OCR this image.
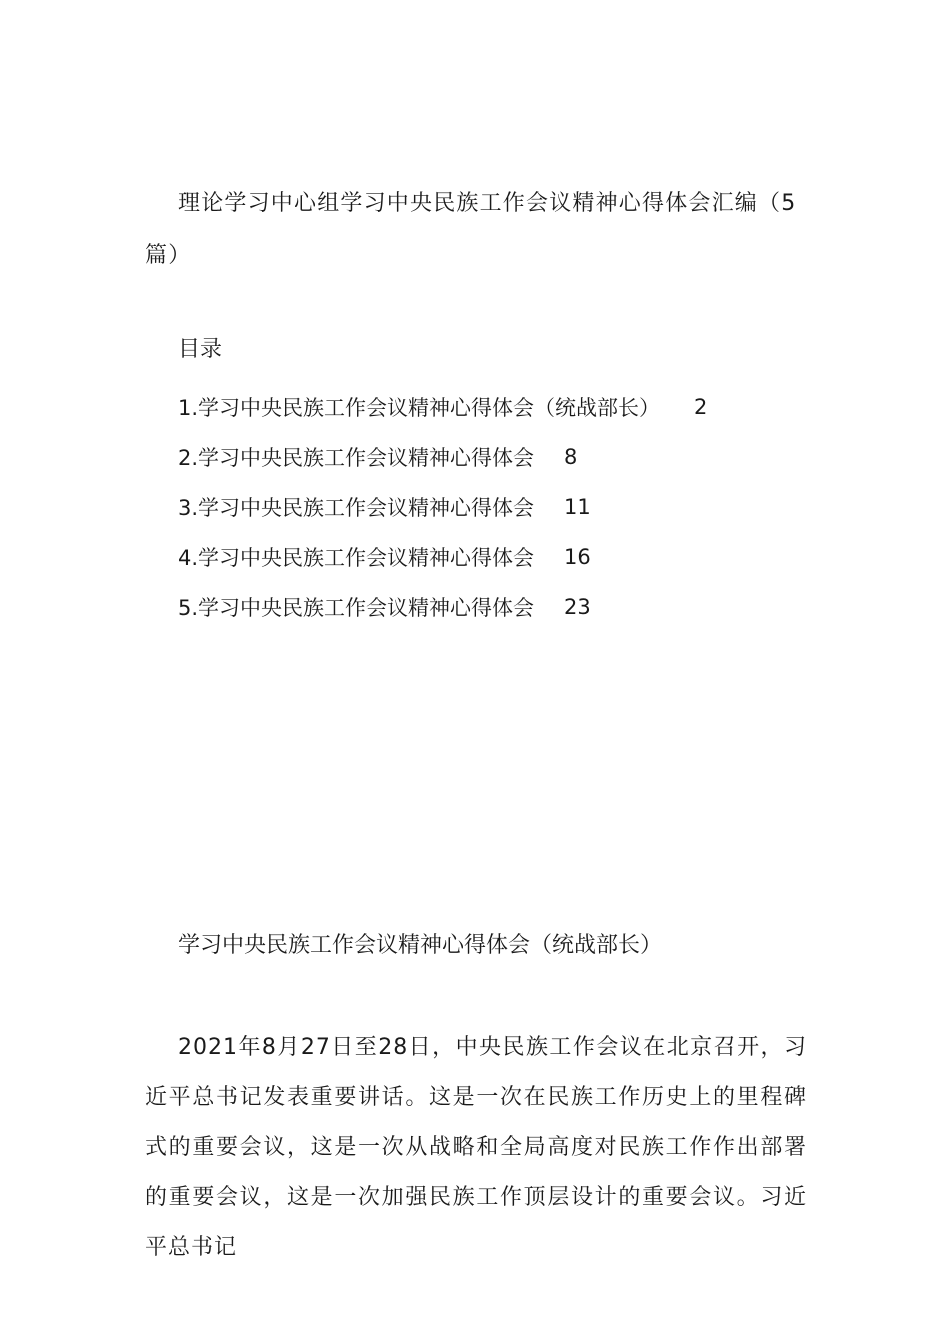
理论学习中心组学习中央民族工作会议精神心得体会汇编（5篇）
目录
1.学习中央民族工作会议精神心得体会（统战部长） 2
2.学习中央民族工作会议精神心得体会 8
3.学习中央民族工作会议精神心得体会 11
4.学习中央民族工作会议精神心得体会 16
5.学习中央民族工作会议精神心得体会 23
学习中央民族工作会议精神心得体会（统战部长）

2021年8月27日至28日，中央民族工作会议在北京召开，习近平总书记发表重要讲话。这是一次在民族工作历史上的里程碑式的重要会议，这是一次从战略和全局高度对民族工作作出部署的重要会议，这是一次加强民族工作顶层设计的重要会议。习近平总书记
